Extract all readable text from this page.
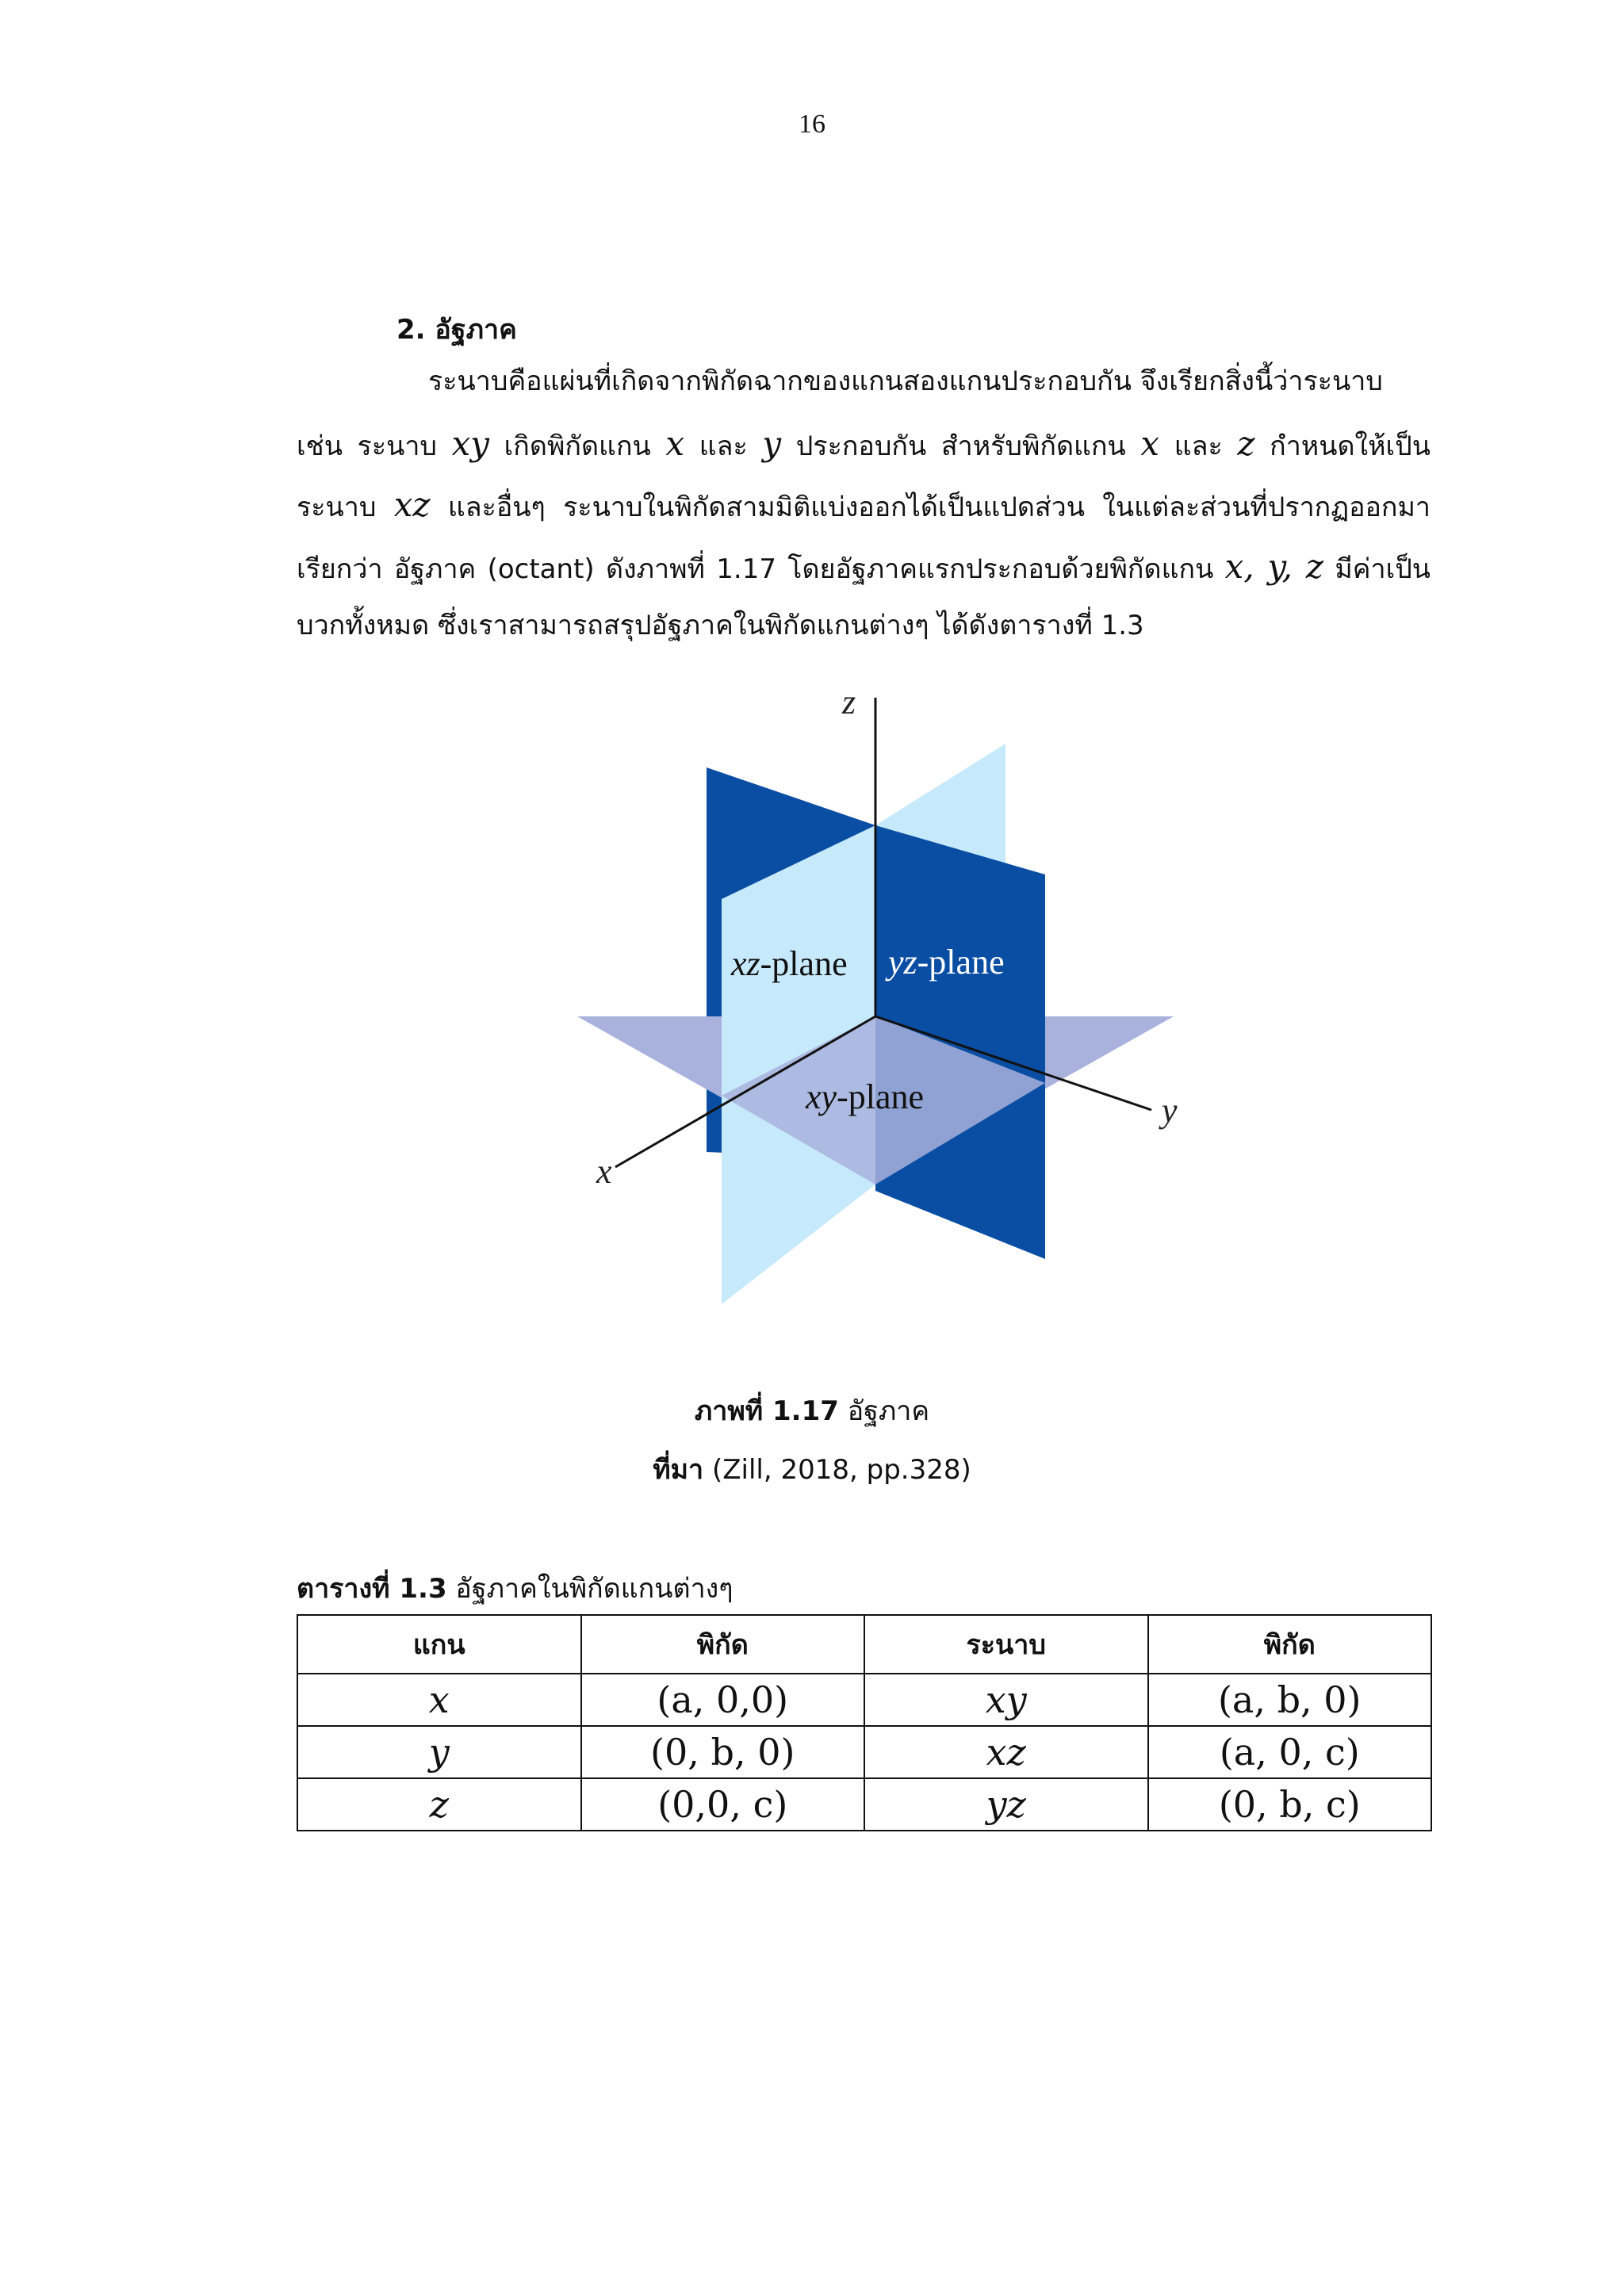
16
2. อัฐภาค
ระนาบคือแผ่นที่เกิดจากพิกัดฉากของแกนสองแกนประกอบกัน จึงเรียกสิ่งนี้ว่าระนาบ
เช่น ระนาบ xy เกิดพิกัดแกน x และ y ประกอบกัน สำหรับพิกัดแกน x และ z กำหนดให้เป็น
ระนาบ xz และอื่นๆ ระนาบในพิกัดสามมิติแบ่งออกได้เป็นแปดส่วน ในแต่ละส่วนที่ปรากฏออกมา
เรียกว่า อัฐภาค (octant) ดังภาพที่ 1.17 โดยอัฐภาคแรกประกอบด้วยพิกัดแกน x, y, z มีค่าเป็น
บวกทั้งหมด ซึ่งเราสามารถสรุปอัฐภาคในพิกัดแกนต่างๆ ได้ดังตารางที่ 1.3
z
y
x
xz-plane yz-plane
xy-plane
ภาพที่ 1.17 อัฐภาค
ที่มา (Zill, 2018, pp.328)
ตารางที่ 1.3 อัฐภาคในพิกัดแกนต่างๆ
แกน	พิกัด	ระนาบ	พิกัด
x	(a, 0,0)	xy	(a, b, 0)
y	(0, b, 0)	xz	(a, 0, c)
z	(0,0, c)	yz	(0, b, c)
